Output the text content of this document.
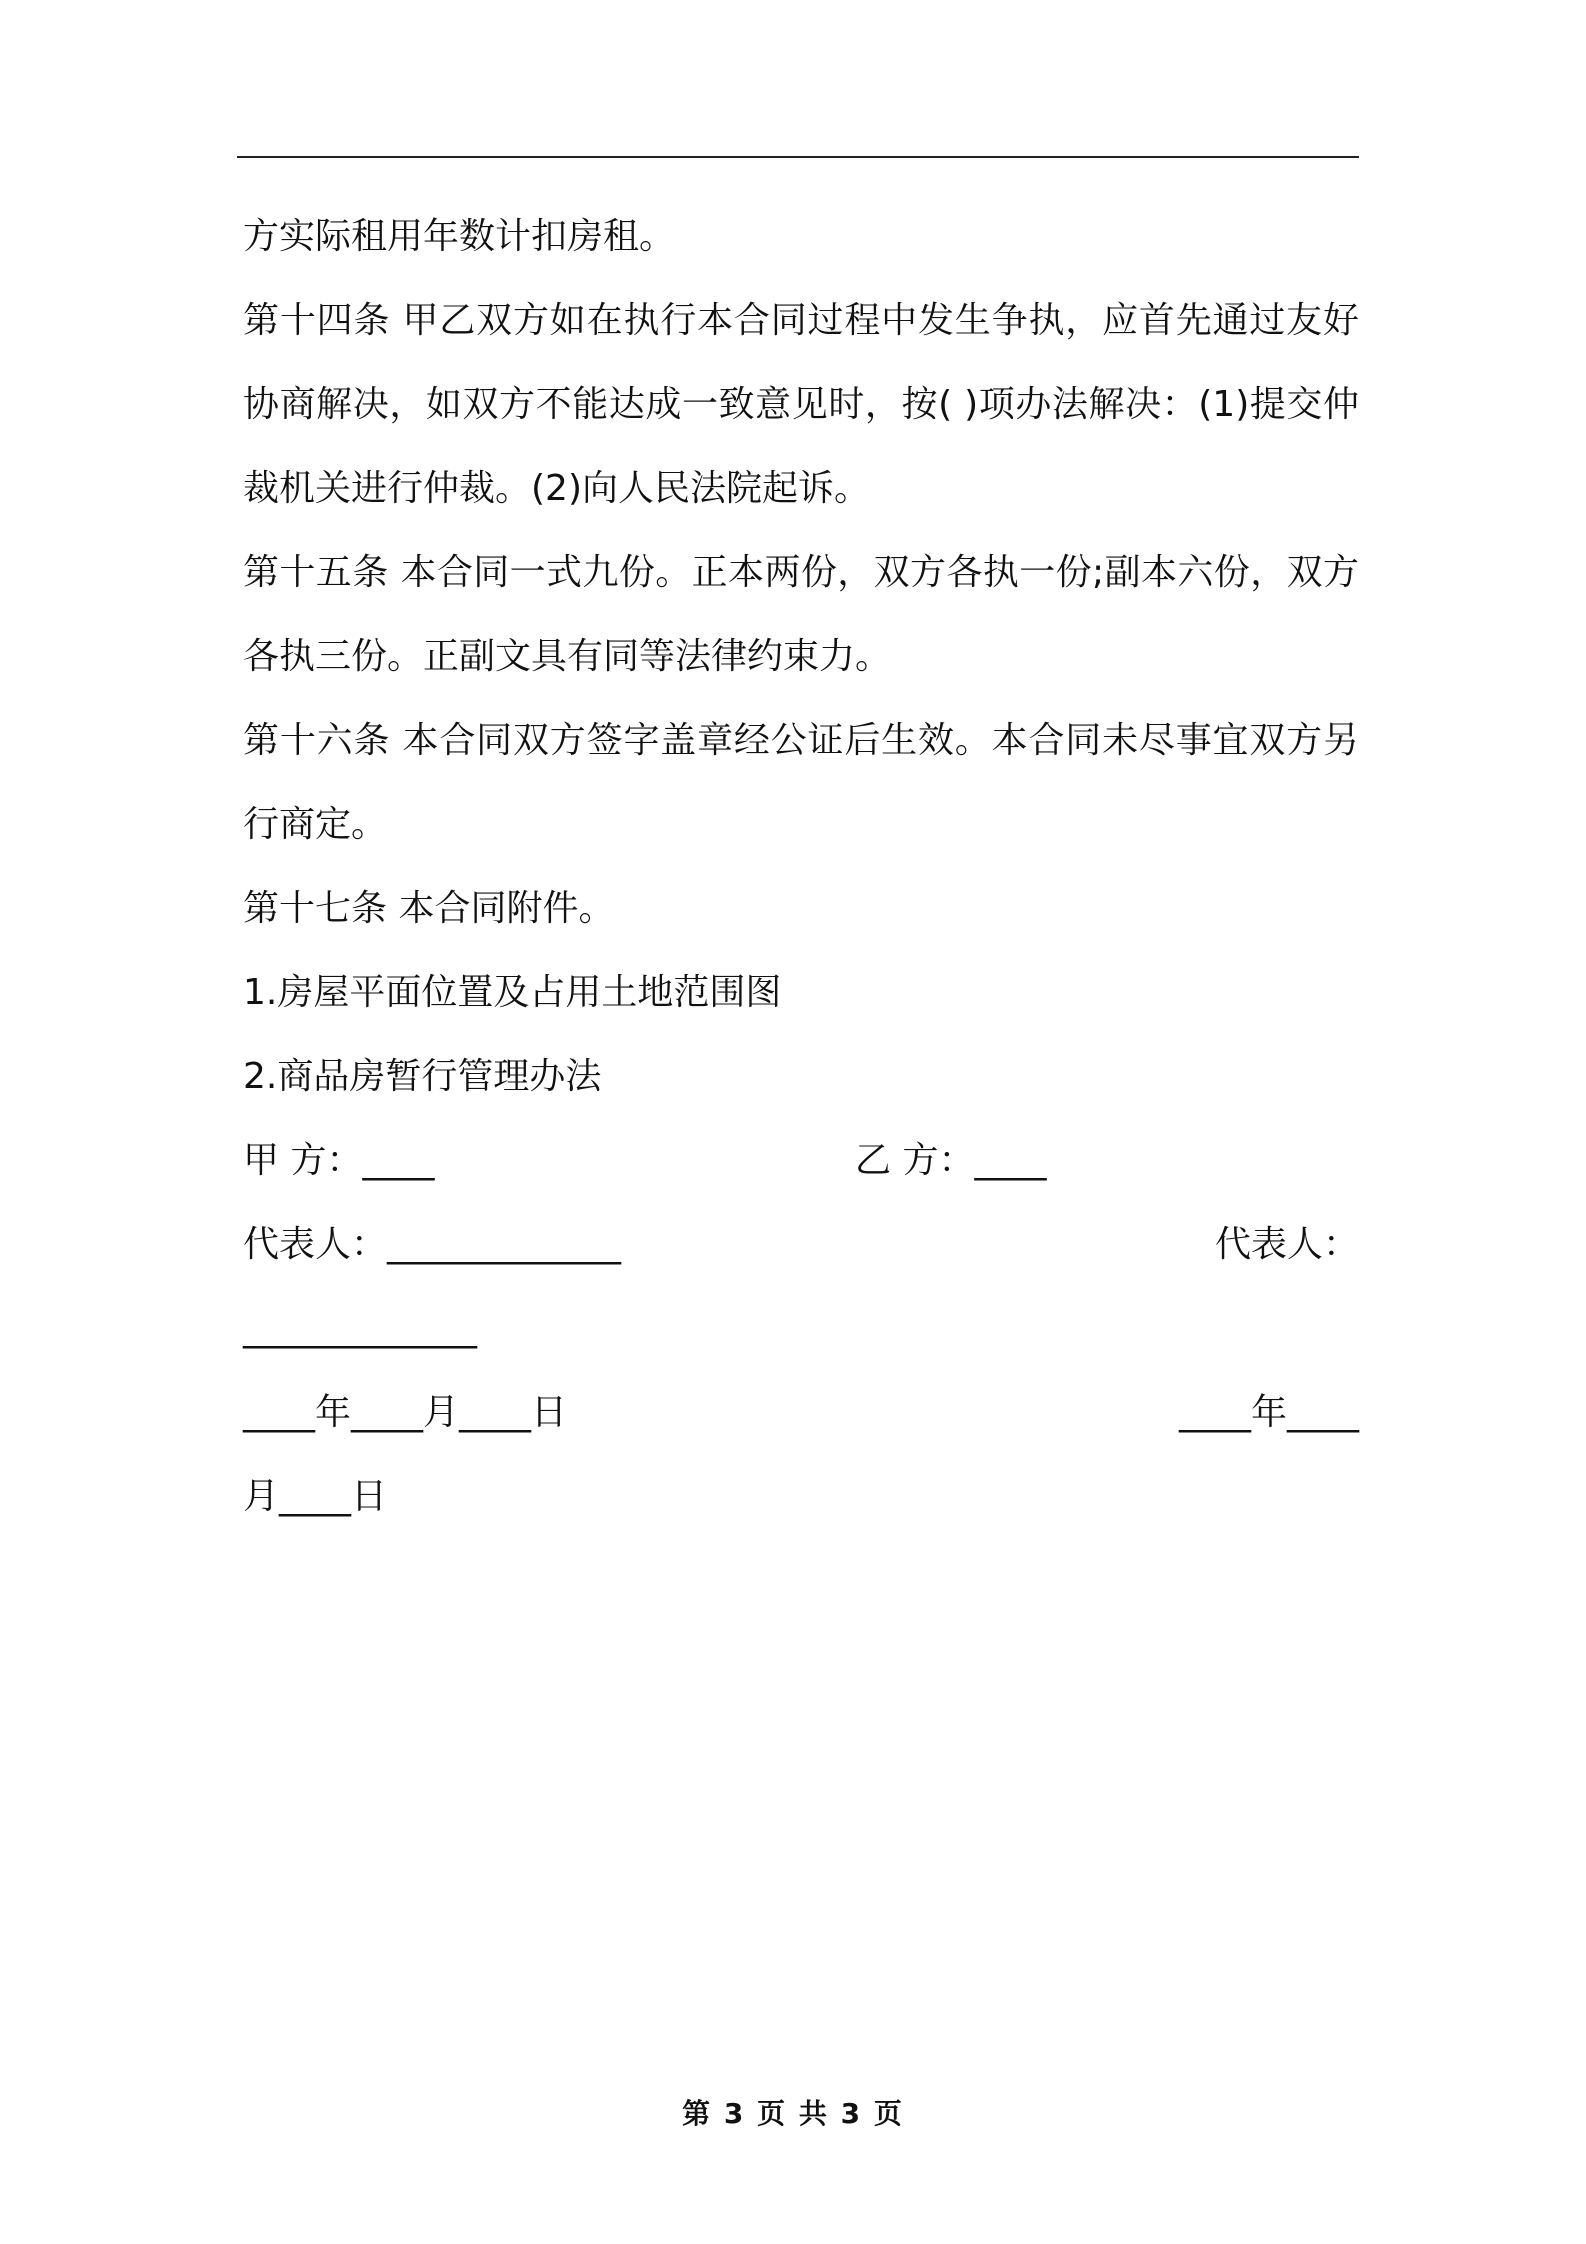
方实际租用年数计扣房租。

第十四条 甲乙双方如在执行本合同过程中发生争执，应首先通过友好协商解决，如双方不能达成一致意见时，按( )项办法解决：(1)提交仲裁机关进行仲裁。(2)向人民法院起诉。

第十五条 本合同一式九份。正本两份，双方各执一份;副本六份，双方各执三份。正副文具有同等法律约束力。

第十六条 本合同双方签字盖章经公证后生效。本合同未尽事宜双方另行商定。

第十七条 本合同附件。

1.房屋平面位置及占用土地范围图

2.商品房暂行管理办法

甲 方：____	乙 方：____
代表人：_____________	代表人：
_____________
____年____月____日	____年____
月____日
第 3 页 共 3 页
